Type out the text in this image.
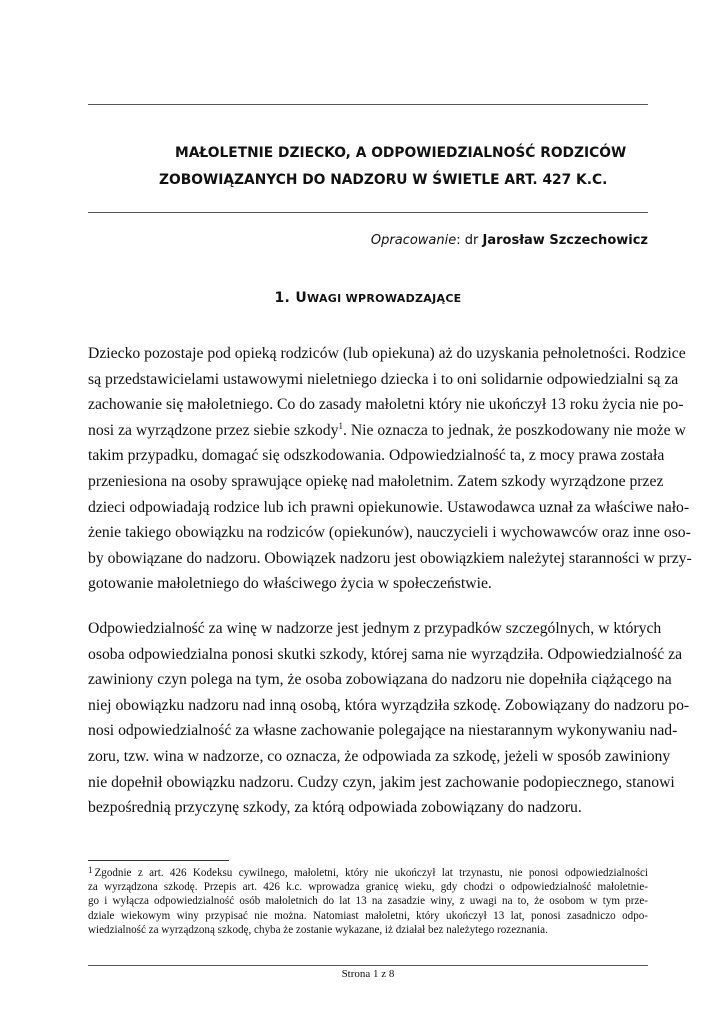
MAŁOLETNIE DZIECKO, A ODPOWIEDZIALNOŚĆ RODZICÓW
ZOBOWIĄZANYCH DO NADZORU W ŚWIETLE ART. 427 K.C.
Opracowanie: dr Jarosław Szczechowicz
1. UWAGI WPROWADZAJĄCE
Dziecko pozostaje pod opieką rodziców (lub opiekuna) aż do uzyskania pełnoletności. Rodzice
są przedstawicielami ustawowymi nieletniego dziecka i to oni solidarnie odpowiedzialni są za
zachowanie się małoletniego. Co do zasady małoletni który nie ukończył 13 roku życia nie po-
nosi za wyrządzone przez siebie szkody$^1$. Nie oznacza to jednak, że poszkodowany nie może w
takim przypadku, domagać się odszkodowania. Odpowiedzialność ta, z mocy prawa została
przeniesiona na osoby sprawujące opiekę nad małoletnim. Zatem szkody wyrządzone przez
dzieci odpowiadają rodzice lub ich prawni opiekunowie. Ustawodawca uznał za właściwe nało-
żenie takiego obowiązku na rodziców (opiekunów), nauczycieli i wychowawców oraz inne oso-
by obowiązane do nadzoru. Obowiązek nadzoru jest obowiązkiem należytej staranności w przy-
gotowanie małoletniego do właściwego życia w społeczeństwie.
Odpowiedzialność za winę w nadzorze jest jednym z przypadków szczególnych, w których
osoba odpowiedzialna ponosi skutki szkody, której sama nie wyrządziła. Odpowiedzialność za
zawiniony czyn polega na tym, że osoba zobowiązana do nadzoru nie dopełniła ciążącego na
niej obowiązku nadzoru nad inną osobą, która wyrządziła szkodę. Zobowiązany do nadzoru po-
nosi odpowiedzialność za własne zachowanie polegające na niestarannym wykonywaniu nad-
zoru, tzw. wina w nadzorze, co oznacza, że odpowiada za szkodę, jeżeli w sposób zawiniony
nie dopełnił obowiązku nadzoru. Cudzy czyn, jakim jest zachowanie podopiecznego, stanowi
bezpośrednią przyczynę szkody, za którą odpowiada zobowiązany do nadzoru.
$^1$ Zgodnie z art. 426 Kodeksu cywilnego, małoletni, który nie ukończył lat trzynastu, nie ponosi odpowiedzialności
za wyrządzona szkodę. Przepis art. 426 k.c. wprowadza granicę wieku, gdy chodzi o odpowiedzialność małoletnie-
go i wyłącza odpowiedzialność osób małoletnich do lat 13 na zasadzie winy, z uwagi na to, że osobom w tym prze-
dziale wiekowym winy przypisać nie można. Natomiast małoletni, który ukończył 13 lat, ponosi zasadniczo odpo-
wiedzialność za wyrządzoną szkodę, chyba że zostanie wykazane, iż działał bez należytego rozeznania.
Strona 1 z 8
